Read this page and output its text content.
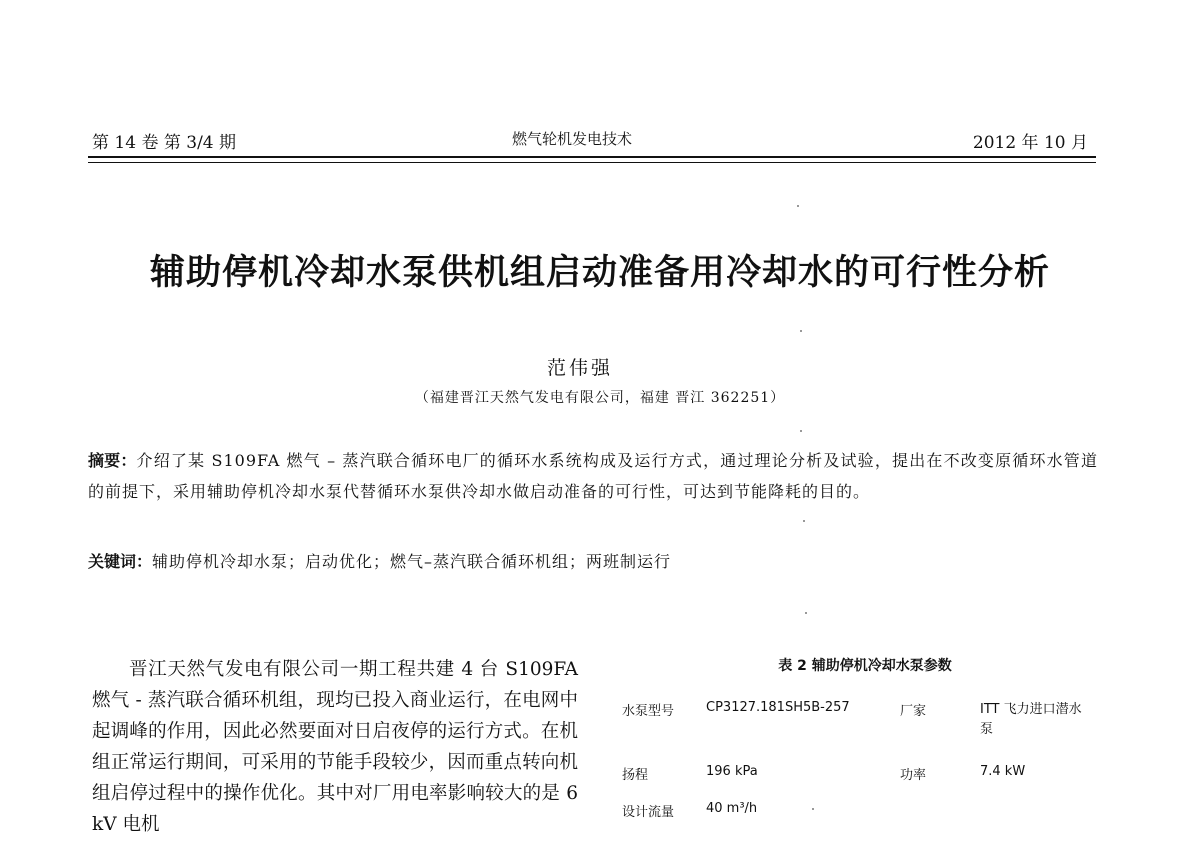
第 14 卷 第 3/4 期	燃气轮机发电技术	2012 年 10 月
辅助停机冷却水泵供机组启动准备用冷却水的可行性分析
范伟强
（福建晋江天然气发电有限公司，福建 晋江 362251）
摘要：介绍了某 S109FA 燃气 – 蒸汽联合循环电厂的循环水系统构成及运行方式，通过理论分析及试验，提出在不改变原循环水管道的前提下，采用辅助停机冷却水泵代替循环水泵供冷却水做启动准备的可行性，可达到节能降耗的目的。
关键词：辅助停机冷却水泵；启动优化；燃气–蒸汽联合循环机组；两班制运行
晋江天然气发电有限公司一期工程共建 4 台 S109FA 燃气 - 蒸汽联合循环机组，现均已投入商业运行，在电网中起调峰的作用，因此必然要面对日启夜停的运行方式。在机组正常运行期间，可采用的节能手段较少，因而重点转向机组启停过程中的操作优化。其中对厂用电率影响较大的是 6 kV 电机
表 2 辅助停机冷却水泵参数
水泵型号 CP3127.181SH5B-257	厂家	ITT 飞力进口潜水泵
扬程	196 kPa	功率	7.4 kW
设计流量 40 m³/h
